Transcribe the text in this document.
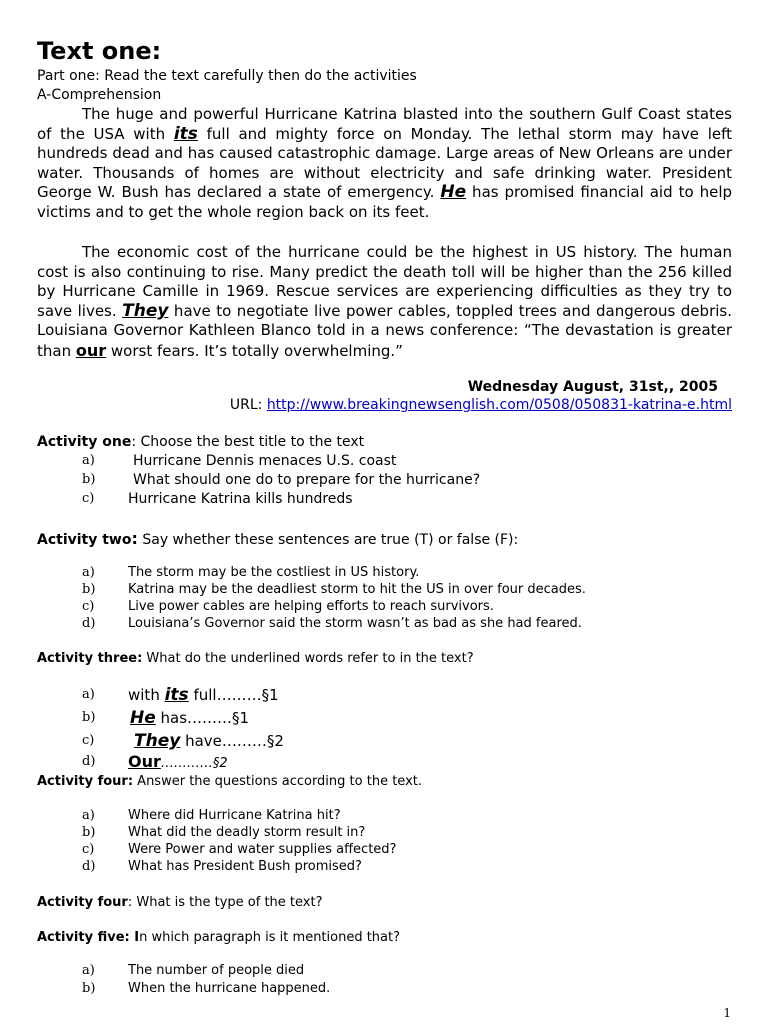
Text one:
Part one: Read the text carefully then do the activities
A-Comprehension
The huge and powerful Hurricane Katrina blasted into the southern Gulf Coast states of the USA with its full and mighty force on Monday. The lethal storm may have left hundreds dead and has caused catastrophic damage. Large areas of New Orleans are under water. Thousands of homes are without electricity and safe drinking water. President George W. Bush has declared a state of emergency. He has promised financial aid to help victims and to get the whole region back on its feet.
The economic cost of the hurricane could be the highest in US history. The human cost is also continuing to rise. Many predict the death toll will be higher than the 256 killed by Hurricane Camille in 1969. Rescue services are experiencing difficulties as they try to save lives. They have to negotiate live power cables, toppled trees and dangerous debris. Louisiana Governor Kathleen Blanco told in a news conference: “The devastation is greater than our worst fears. It’s totally overwhelming.”
Wednesday August, 31st,, 2005
URL: http://www.breakingnewsenglish.com/0508/050831-katrina-e.html
Activity one: Choose the best title to the text
a)	Hurricane Dennis menaces U.S. coast
b)	What should one do to prepare for the hurricane?
c) Hurricane Katrina kills hundreds
Activity two: Say whether these sentences are true (T) or false (F):
a)	The storm may be the costliest in US history.
b)	Katrina may be the deadliest storm to hit the US in over four decades.
c)	Live power cables are helping efforts to reach survivors.
d)	Louisiana’s Governor said the storm wasn’t as bad as she had feared.
Activity three: What do the underlined words refer to in the text?
a) with its full………§1
b) He has………§1
c) They have………§2
d) Our…………§2
Activity four: Answer the questions according to the text.
a)	Where did Hurricane Katrina hit?
b)	What did the deadly storm result in?
c)	Were Power and water supplies affected?
d)	What has President Bush promised?
Activity four: What is the type of the text?
Activity five: In which paragraph is it mentioned that?
a)	The number of people died
b)	When the hurricane happened.
1
